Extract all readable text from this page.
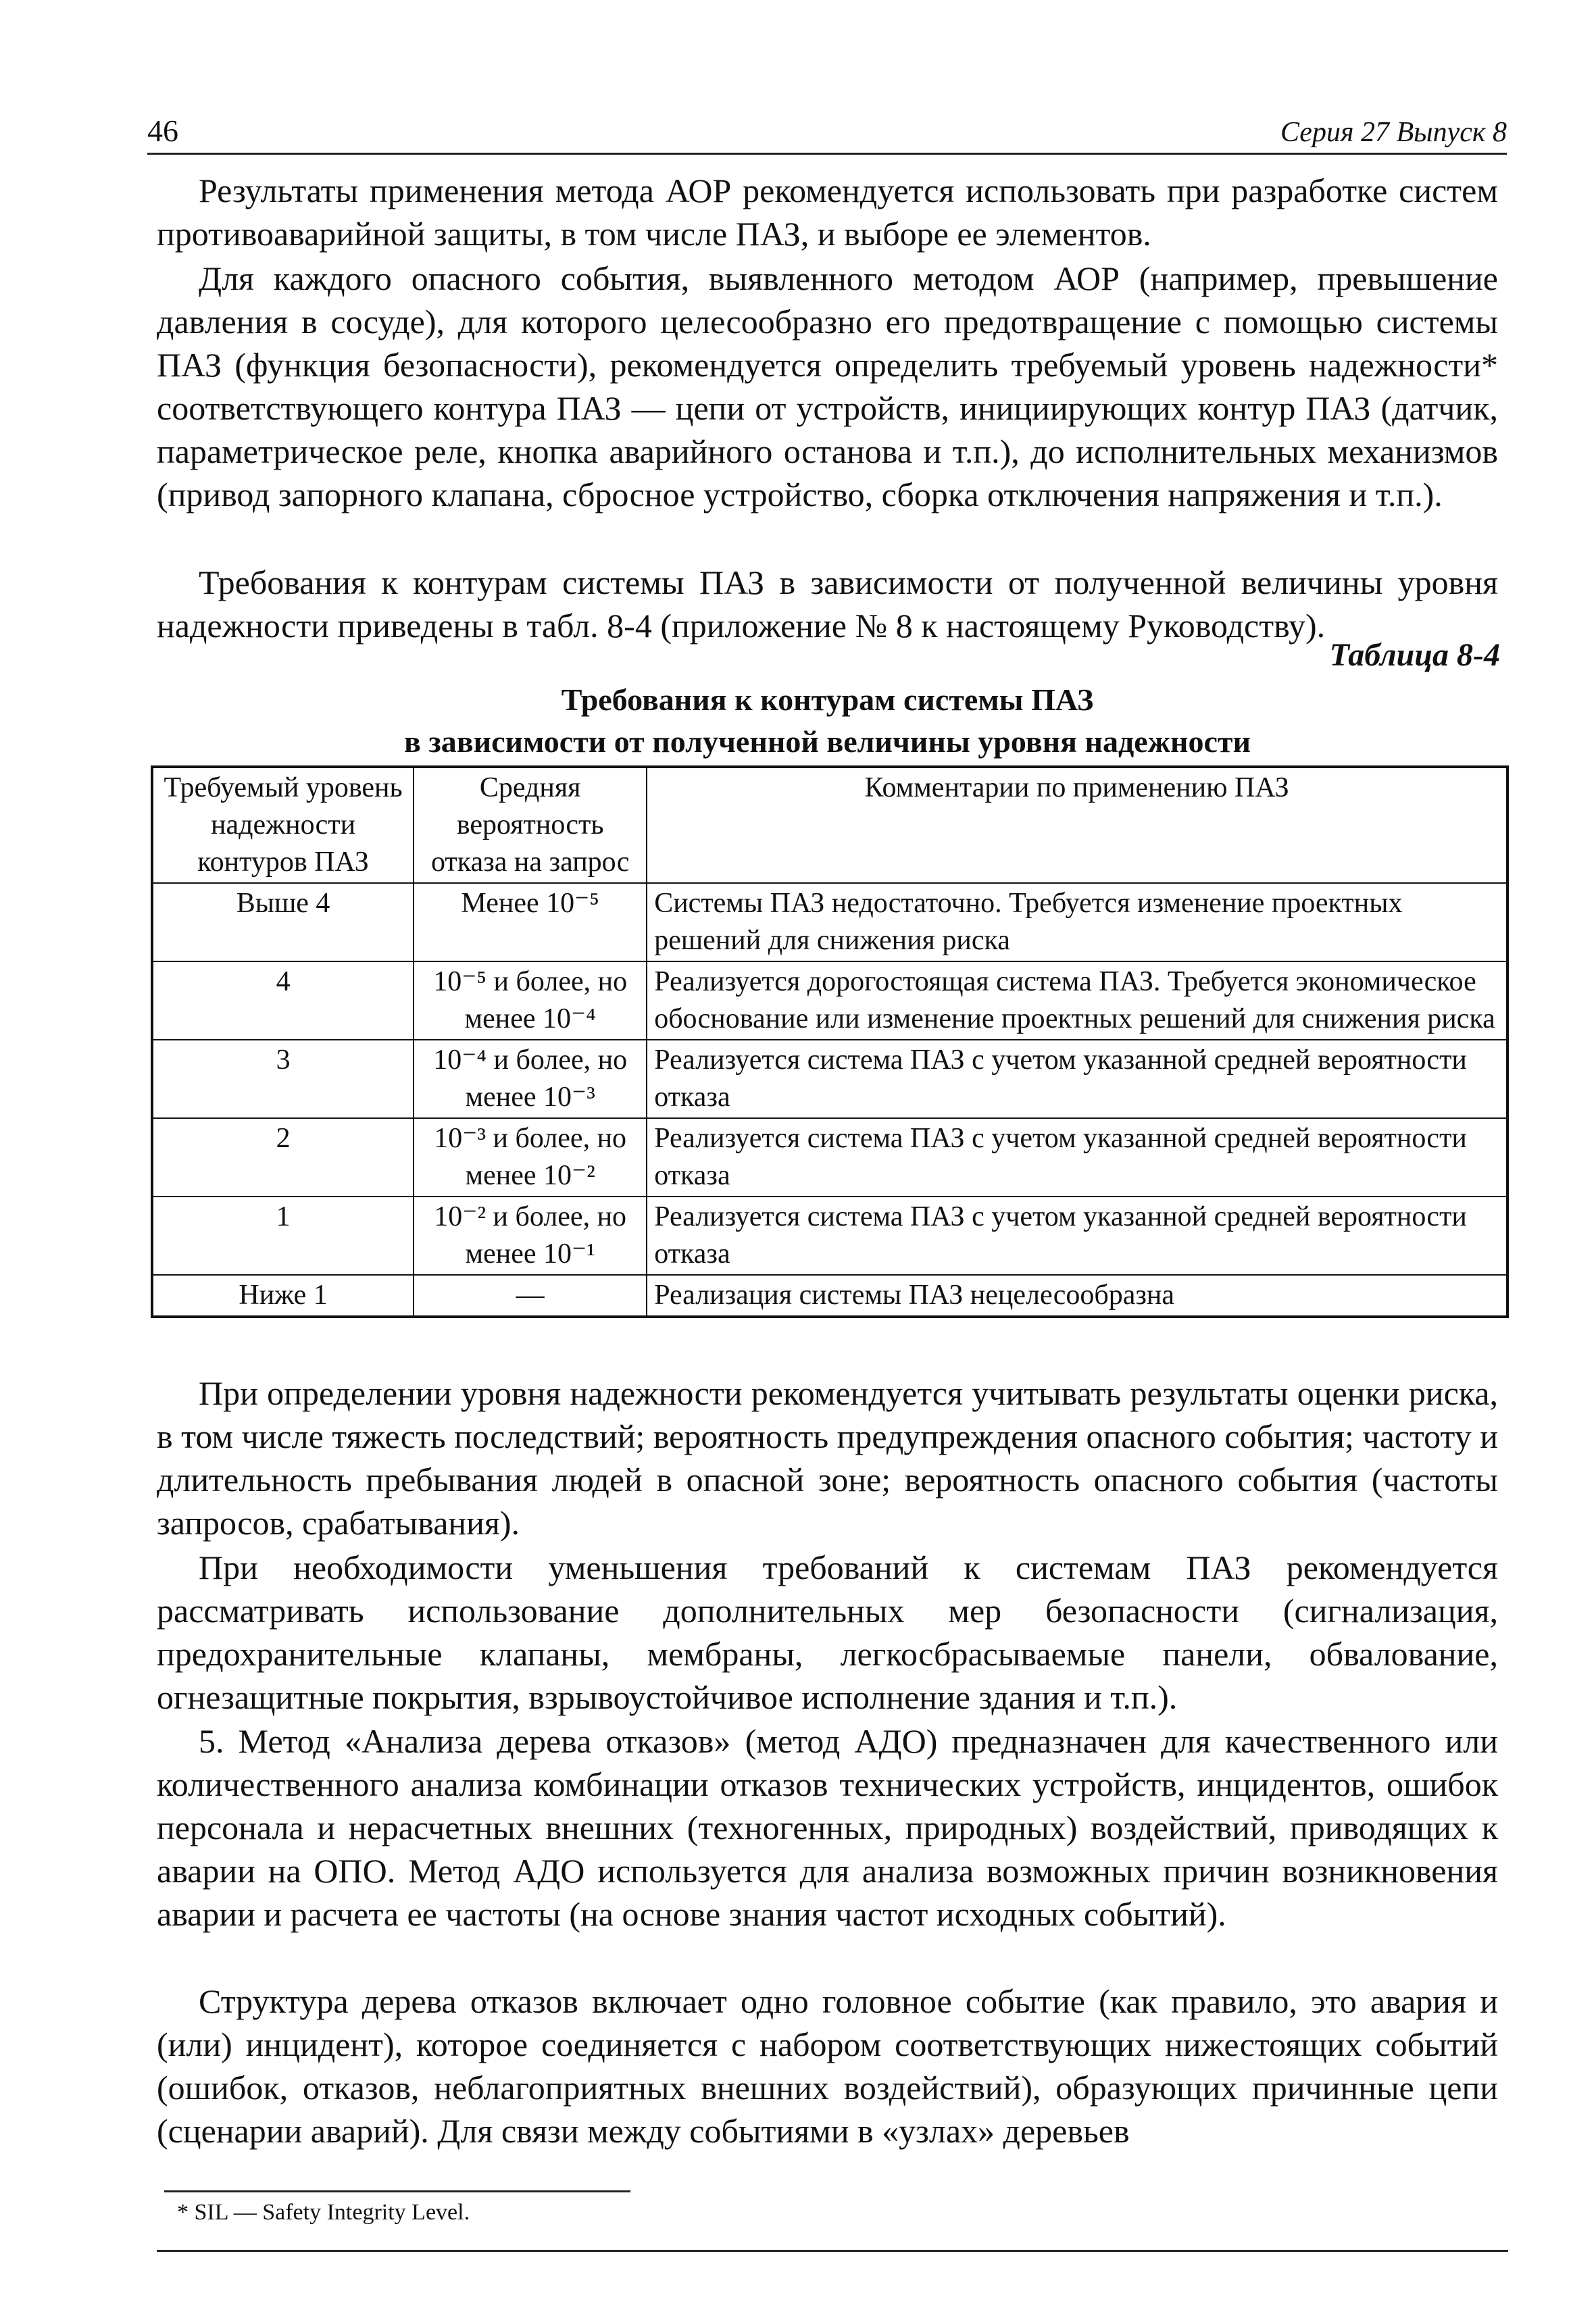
46	Серия 27 Выпуск 8

Результаты применения метода АОР рекомендуется использовать при разработке систем противоаварийной защиты, в том числе ПАЗ, и выборе ее элементов.

Для каждого опасного события, выявленного методом АОР (например, превышение давления в сосуде), для которого целесообразно его предотвращение с помощью системы ПАЗ (функция безопасности), рекомендуется определить требуемый уровень надежности* соответствующего контура ПАЗ — цепи от устройств, инициирующих контур ПАЗ (датчик, параметрическое реле, кнопка аварийного останова и т.п.), до исполнительных механизмов (привод запорного клапана, сбросное устройство, сборка отключения напряжения и т.п.).

Требования к контурам системы ПАЗ в зависимости от полученной величины уровня надежности приведены в табл. 8-4 (приложение № 8 к настоящему Руководству).

Таблица 8-4
Требования к контурам системы ПАЗ
в зависимости от полученной величины уровня надежности
Требуемый уровень надежности контуров ПАЗ	Средняя вероятность отказа на запрос	Комментарии по применению ПАЗ
Выше 4	Менее 10⁻⁵	Системы ПАЗ недостаточно. Требуется изменение проектных решений для снижения риска
4	10⁻⁵ и более, но менее 10⁻⁴	Реализуется дорогостоящая система ПАЗ. Требуется экономическое обоснование или изменение проектных решений для снижения риска
3	10⁻⁴ и более, но менее 10⁻³	Реализуется система ПАЗ с учетом указанной средней вероятности отказа
2	10⁻³ и более, но менее 10⁻²	Реализуется система ПАЗ с учетом указанной средней вероятности отказа
1	10⁻² и более, но менее 10⁻¹	Реализуется система ПАЗ с учетом указанной средней вероятности отказа
Ниже 1	—	Реализация системы ПАЗ нецелесообразна

При определении уровня надежности рекомендуется учитывать результаты оценки риска, в том числе тяжесть последствий; вероятность предупреждения опасного события; частоту и длительность пребывания людей в опасной зоне; вероятность опасного события (частоты запросов, срабатывания).

При необходимости уменьшения требований к системам ПАЗ рекомендуется рассматривать использование дополнительных мер безопасности (сигнализация, предохранительные клапаны, мембраны, легкосбрасываемые панели, обвалование, огнезащитные покрытия, взрывоустойчивое исполнение здания и т.п.).

5. Метод «Анализа дерева отказов» (метод АДО) предназначен для качественного или количественного анализа комбинации отказов технических устройств, инцидентов, ошибок персонала и нерасчетных внешних (техногенных, природных) воздействий, приводящих к аварии на ОПО. Метод АДО используется для анализа возможных причин возникновения аварии и расчета ее частоты (на основе знания частот исходных событий).

Структура дерева отказов включает одно головное событие (как правило, это авария и (или) инцидент), которое соединяется с набором соответствующих нижестоящих событий (ошибок, отказов, неблагоприятных внешних воздействий), образующих причинные цепи (сценарии аварий). Для связи между событиями в «узлах» деревьев

* SIL — Safety Integrity Level.
